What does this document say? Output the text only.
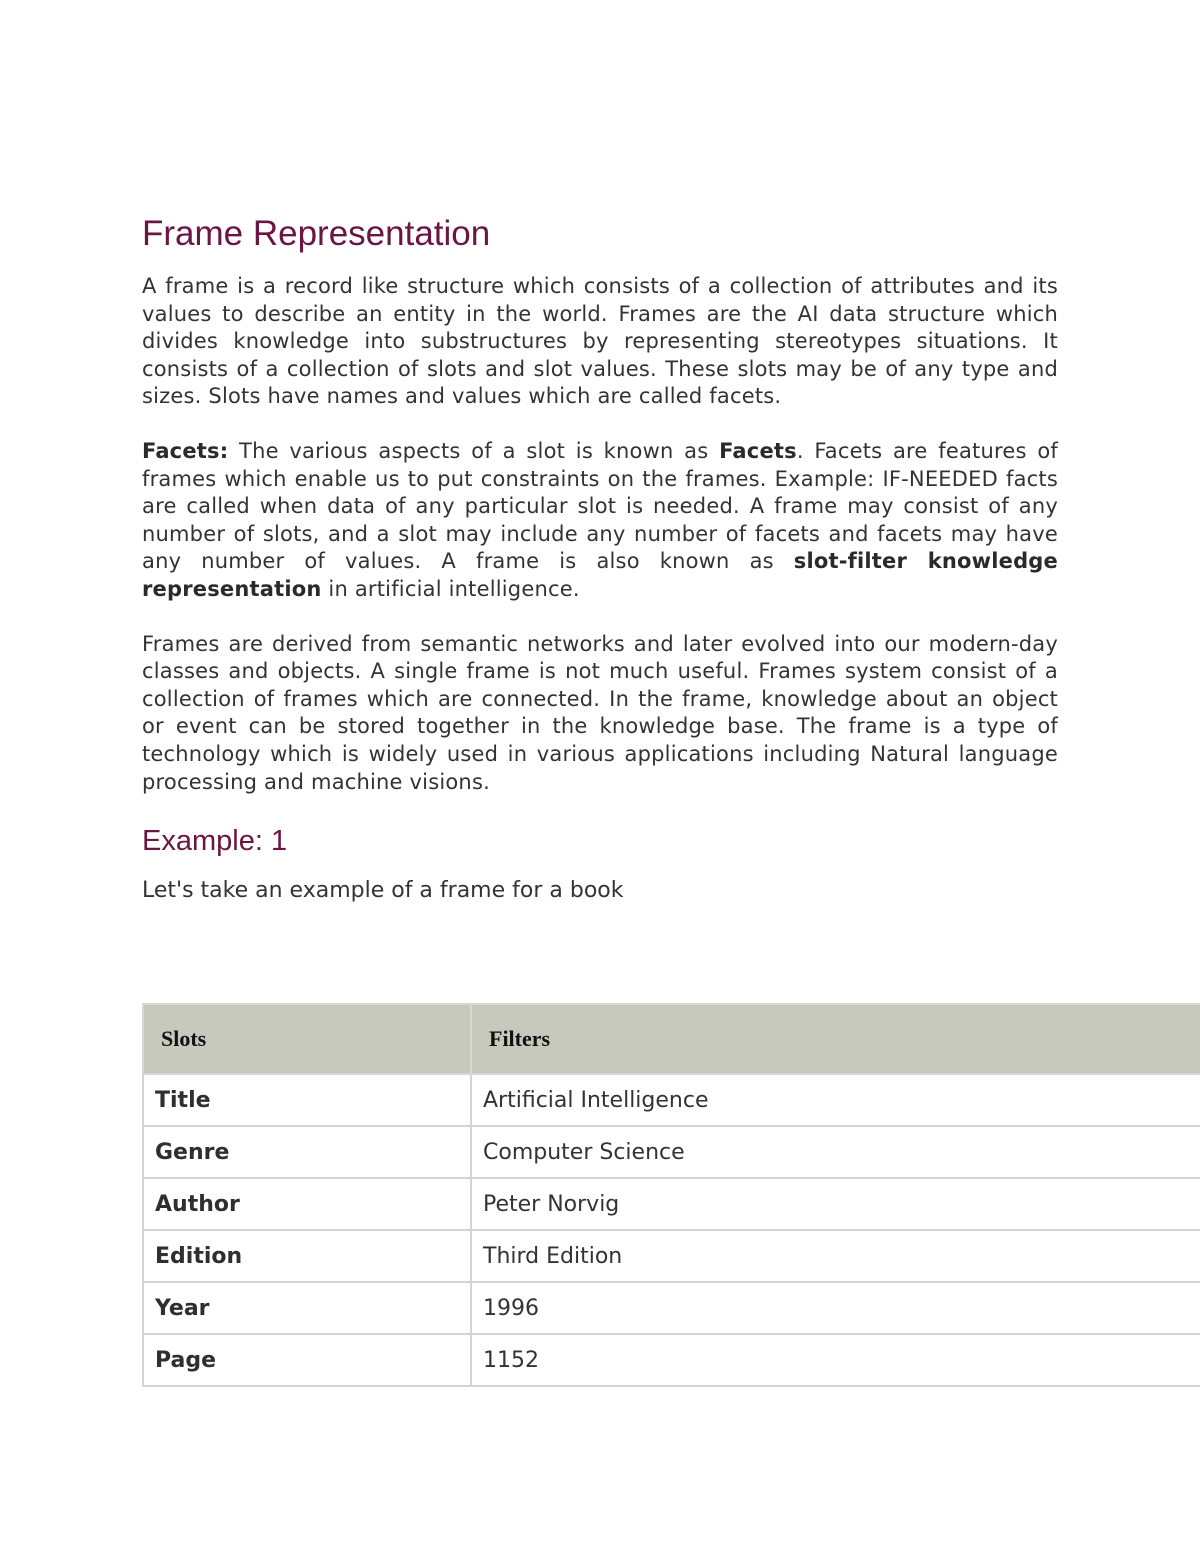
Frame Representation

A frame is a record like structure which consists of a collection of attributes and its values to describe an entity in the world. Frames are the AI data structure which divides knowledge into substructures by representing stereotypes situations. It consists of a collection of slots and slot values. These slots may be of any type and sizes. Slots have names and values which are called facets.

Facets: The various aspects of a slot is known as Facets. Facets are features of frames which enable us to put constraints on the frames. Example: IF-NEEDED facts are called when data of any particular slot is needed. A frame may consist of any number of slots, and a slot may include any number of facets and facets may have any number of values. A frame is also known as slot-filter knowledge representation in artificial intelligence.

Frames are derived from semantic networks and later evolved into our modern-day classes and objects. A single frame is not much useful. Frames system consist of a collection of frames which are connected. In the frame, knowledge about an object or event can be stored together in the knowledge base. The frame is a type of technology which is widely used in various applications including Natural language processing and machine visions.

Example: 1

Let's take an example of a frame for a book

Slots	Filters
Title	Artificial Intelligence
Genre	Computer Science
Author	Peter Norvig
Edition	Third Edition
Year	1996
Page	1152
